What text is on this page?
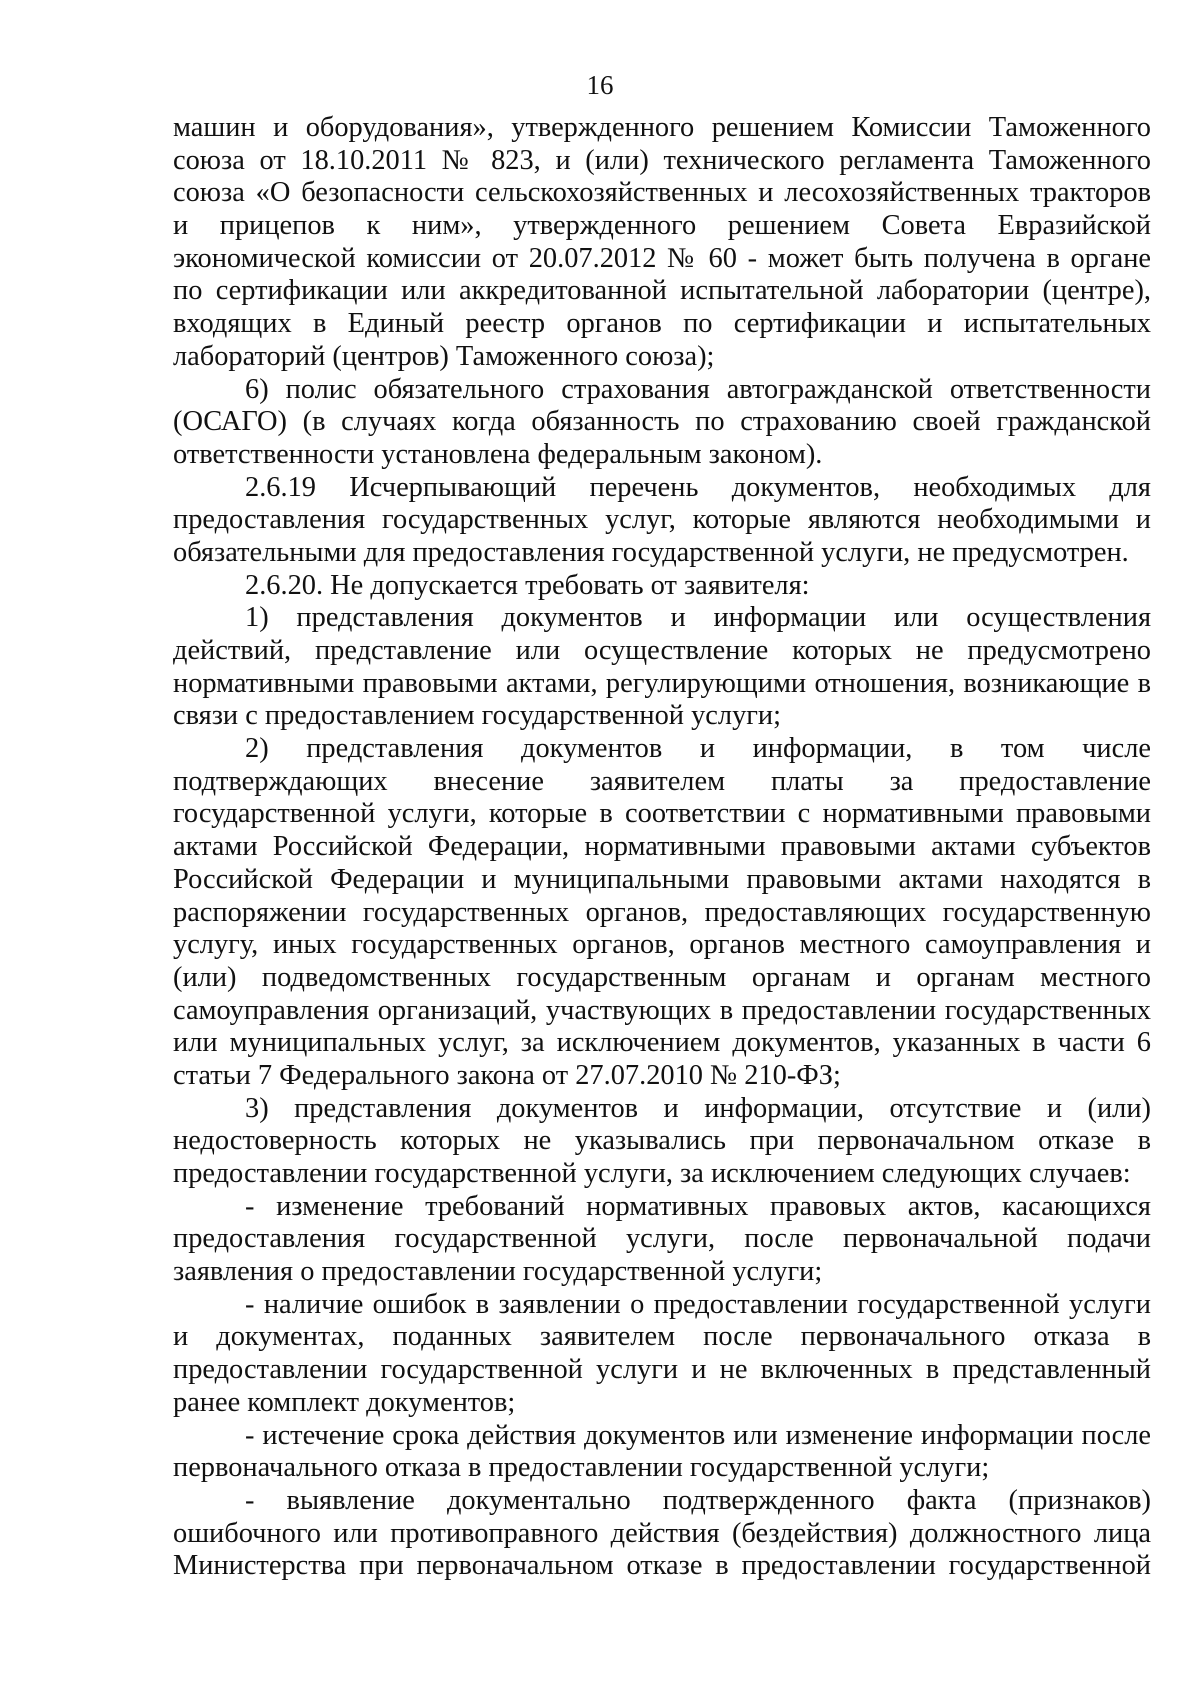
16
машин и оборудования», утвержденного решением Комиссии Таможенного
союза от 18.10.2011 № 823, и (или) технического регламента Таможенного
союза «О безопасности сельскохозяйственных и лесохозяйственных тракторов
и прицепов к ним», утвержденного решением Совета Евразийской
экономической комиссии от 20.07.2012 № 60 - может быть получена в органе
по сертификации или аккредитованной испытательной лаборатории (центре),
входящих в Единый реестр органов по сертификации и испытательных
лабораторий (центров) Таможенного союза);
6) полис обязательного страхования автогражданской ответственности
(ОСАГО) (в случаях когда обязанность по страхованию своей гражданской
ответственности установлена федеральным законом).
2.6.19 Исчерпывающий перечень документов, необходимых для
предоставления государственных услуг, которые являются необходимыми и
обязательными для предоставления государственной услуги, не предусмотрен.
2.6.20. Не допускается требовать от заявителя:
1) представления документов и информации или осуществления
действий, представление или осуществление которых не предусмотрено
нормативными правовыми актами, регулирующими отношения, возникающие в
связи с предоставлением государственной услуги;
2) представления документов и информации, в том числе
подтверждающих внесение заявителем платы за предоставление
государственной услуги, которые в соответствии с нормативными правовыми
актами Российской Федерации, нормативными правовыми актами субъектов
Российской Федерации и муниципальными правовыми актами находятся в
распоряжении государственных органов, предоставляющих государственную
услугу, иных государственных органов, органов местного самоуправления и
(или) подведомственных государственным органам и органам местного
самоуправления организаций, участвующих в предоставлении государственных
или муниципальных услуг, за исключением документов, указанных в части 6
статьи 7 Федерального закона от 27.07.2010 № 210-ФЗ;
3) представления документов и информации, отсутствие и (или)
недостоверность которых не указывались при первоначальном отказе в
предоставлении государственной услуги, за исключением следующих случаев:
- изменение требований нормативных правовых актов, касающихся
предоставления государственной услуги, после первоначальной подачи
заявления о предоставлении государственной услуги;
- наличие ошибок в заявлении о предоставлении государственной услуги
и документах, поданных заявителем после первоначального отказа в
предоставлении государственной услуги и не включенных в представленный
ранее комплект документов;
- истечение срока действия документов или изменение информации после
первоначального отказа в предоставлении государственной услуги;
- выявление документально подтвержденного факта (признаков)
ошибочного или противоправного действия (бездействия) должностного лица
Министерства при первоначальном отказе в предоставлении государственной
